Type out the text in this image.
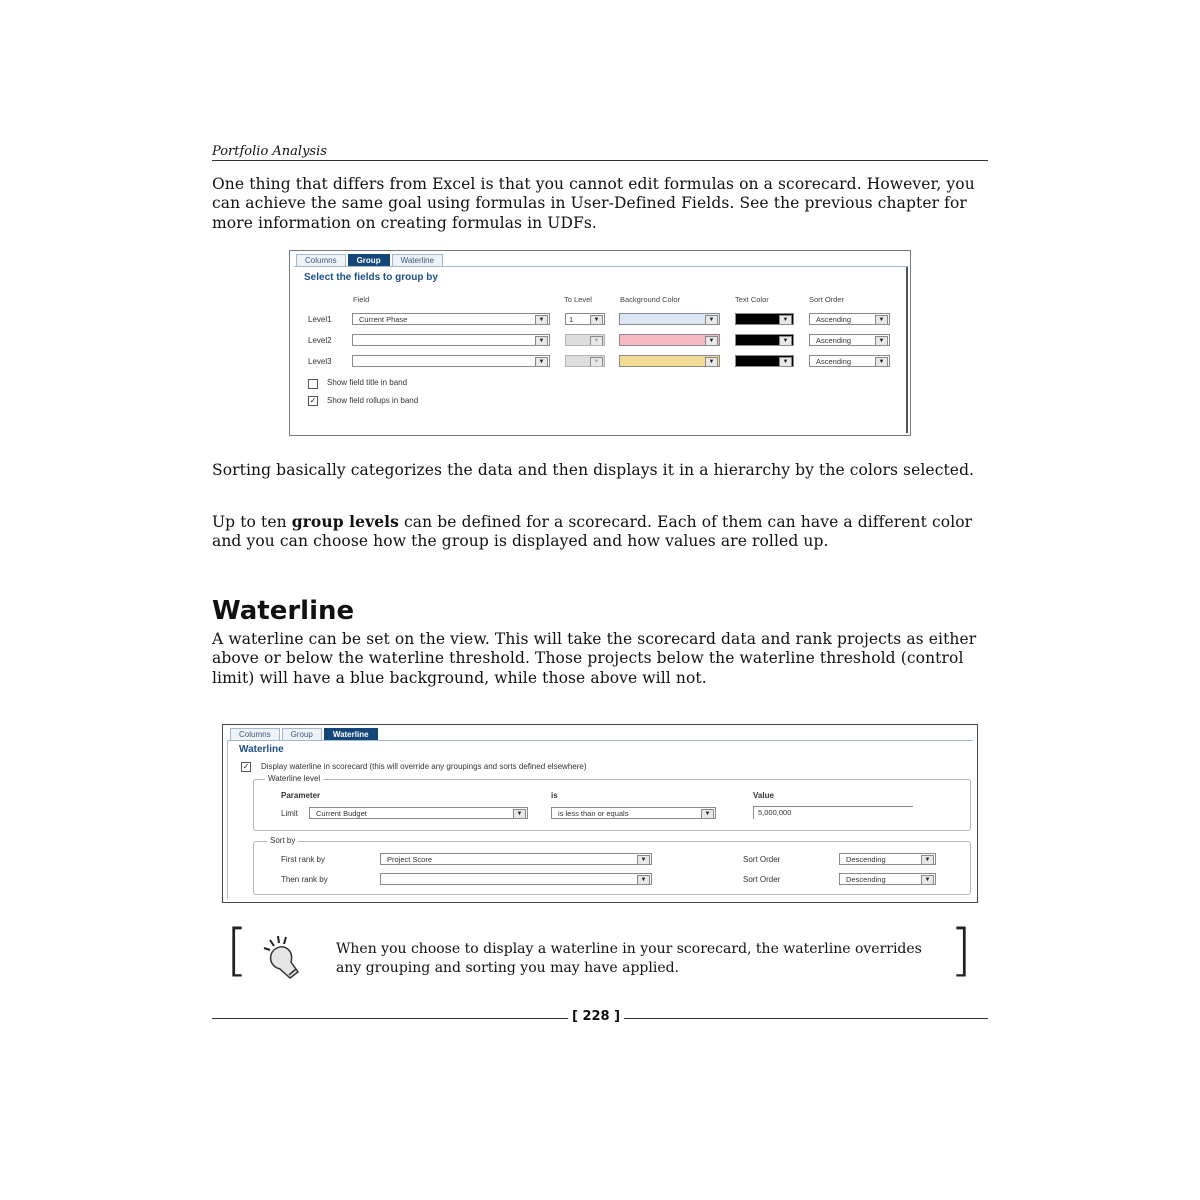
Portfolio Analysis
One thing that differs from Excel is that you cannot edit formulas on a scorecard. However, you can achieve the same goal using formulas in User-Defined Fields. See the previous chapter for more information on creating formulas in UDFs.
Columns	Group	Waterline
Select the fields to group by
Field	To Level	Background Color	Text Color	Sort Order
Level1	Current Phase	▼	1	▼	▼	▼	Ascending	▼
Level2	▼	▼	▼	▼	Ascending	▼
Level3	▼	▼	▼	▼	Ascending	▼
Show field title in band
✓ Show field rollups in band
Sorting basically categorizes the data and then displays it in a hierarchy by the colors selected.
Up to ten group levels can be defined for a scorecard. Each of them can have a different color and you can choose how the group is displayed and how values are rolled up.
Waterline
A waterline can be set on the view. This will take the scorecard data and rank projects as either above or below the waterline threshold. Those projects below the waterline threshold (control limit) will have a blue background, while those above will not.
Columns	Group	Waterline
Waterline
✓ Display waterline in scorecard (this will override any groupings and sorts defined elsewhere)
Waterline level
Parameter	is	Value
Limit	Current Budget	▼	is less than or equals	▼	5,000,000
Sort by
First rank by	Project Score	▼	Sort Order	Descending	▼
Then rank by	▼	Sort Order	Descending	▼
[	When you choose to display a waterline in your scorecard, the waterline overrides any grouping and sorting you may have applied.	]
[ 228 ]
